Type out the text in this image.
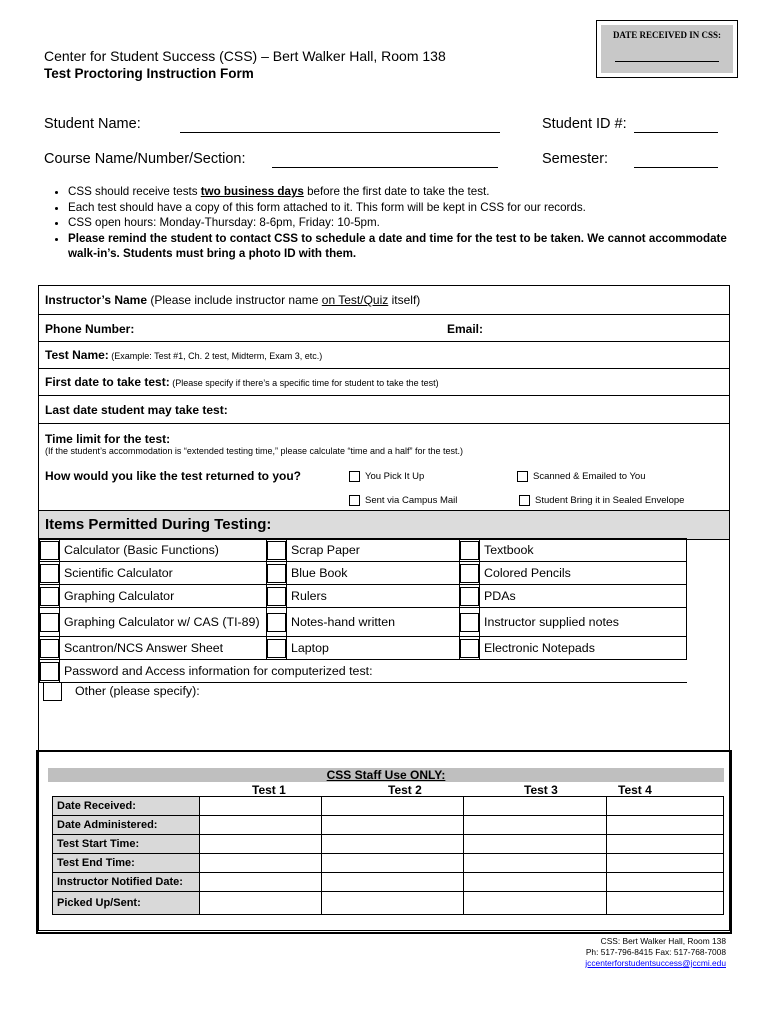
DATE RECEIVED IN CSS:
Center for Student Success (CSS) – Bert Walker Hall, Room 138
Test Proctoring Instruction Form
Student Name:	Student ID #:
Course Name/Number/Section:	Semester:
• CSS should receive tests two business days before the first date to take the test.
• Each test should have a copy of this form attached to it. This form will be kept in CSS for our records.
• CSS open hours: Monday-Thursday: 8-6pm, Friday: 10-5pm.
• Please remind the student to contact CSS to schedule a date and time for the test to be taken. We cannot accommodate walk-in’s. Students must bring a photo ID with them.
Instructor’s Name (Please include instructor name on Test/Quiz itself)
Phone Number:	Email:
Test Name: (Example: Test #1, Ch. 2 test, Midterm, Exam 3, etc.)
First date to take test: (Please specify if there’s a specific time for student to take the test)
Last date student may take test:
Time limit for the test:
(If the student’s accommodation is “extended testing time,” please calculate “time and a half” for the test.)
How would you like the test returned to you?	You Pick It Up	Scanned & Emailed to You
Sent via Campus Mail	Student Bring it in Sealed Envelope
Items Permitted During Testing:
	Calculator (Basic Functions)		Scrap Paper		Textbook

	Scientific Calculator		Blue Book		Colored Pencils

	Graphing Calculator		Rulers		PDAs

	Graphing Calculator w/ CAS (TI-89)		Notes-hand written		Instructor supplied notes

	Scantron/NCS Answer Sheet		Laptop		Electronic Notepads

	Password and Access information for computerized test:				
Other (please specify):
CSS Staff Use ONLY:
Test 1	Test 2	Test 3	Test 4
Date Received:				
Date Administered:				
Test Start Time:				
Test End Time:				
Instructor Notified Date:				
Picked Up/Sent:				
CSS: Bert Walker Hall, Room 138
Ph: 517-796-8415 Fax: 517-768-7008
jccenterforstudentsuccess@jccmi.edu
